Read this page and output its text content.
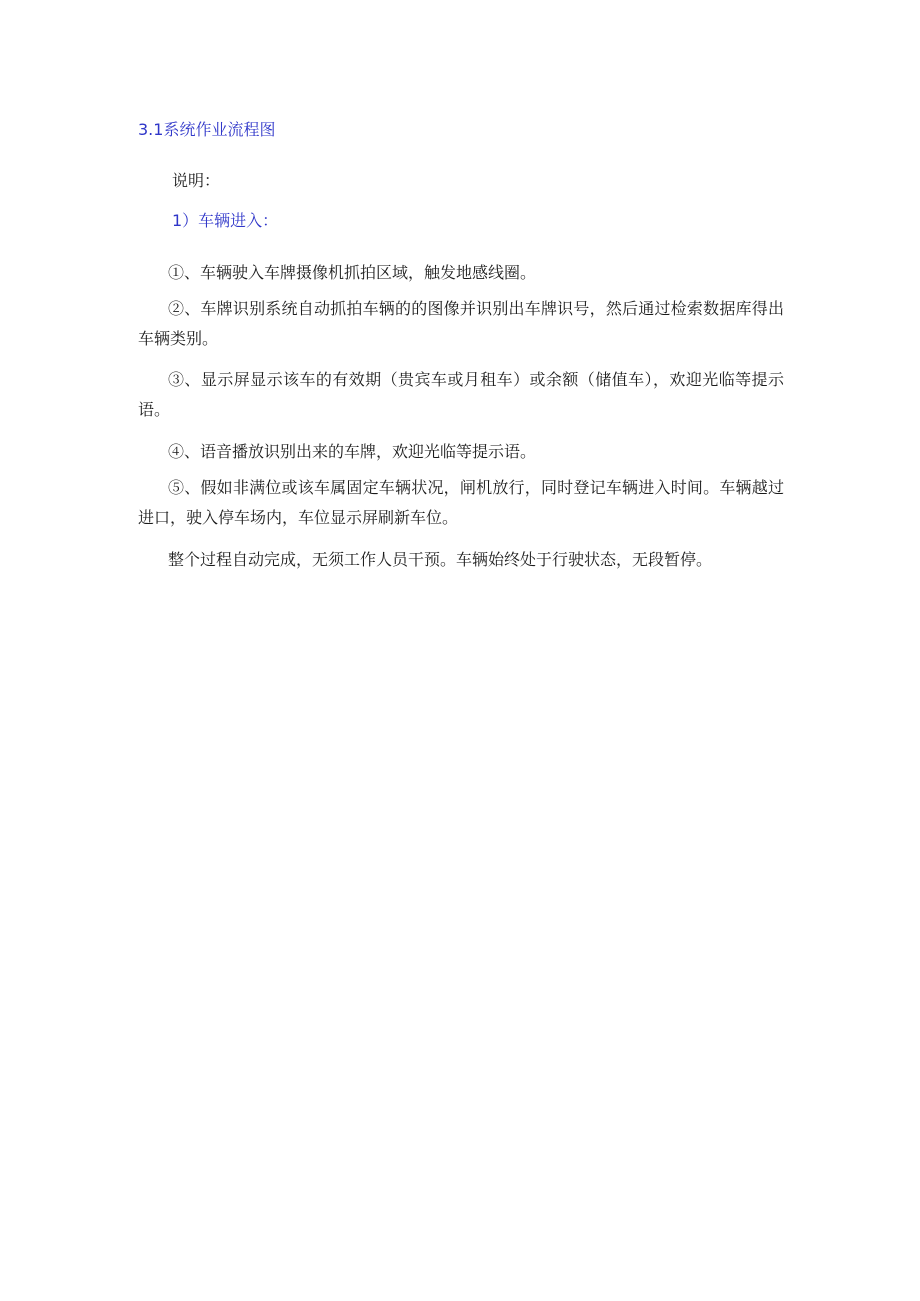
3.1系统作业流程图
说明：
1）车辆进入：
①、车辆驶入车牌摄像机抓拍区域，触发地感线圈。
②、车牌识别系统自动抓拍车辆的的图像并识别出车牌识号，然后通过检索数据库得出车辆类别。
③、显示屏显示该车的有效期（贵宾车或月租车）或余额（储值车），欢迎光临等提示语。
④、语音播放识别出来的车牌，欢迎光临等提示语。
⑤、假如非满位或该车属固定车辆状况，闸机放行，同时登记车辆进入时间。车辆越过进口，驶入停车场内，车位显示屏刷新车位。
整个过程自动完成，无须工作人员干预。车辆始终处于行驶状态，无段暂停。
